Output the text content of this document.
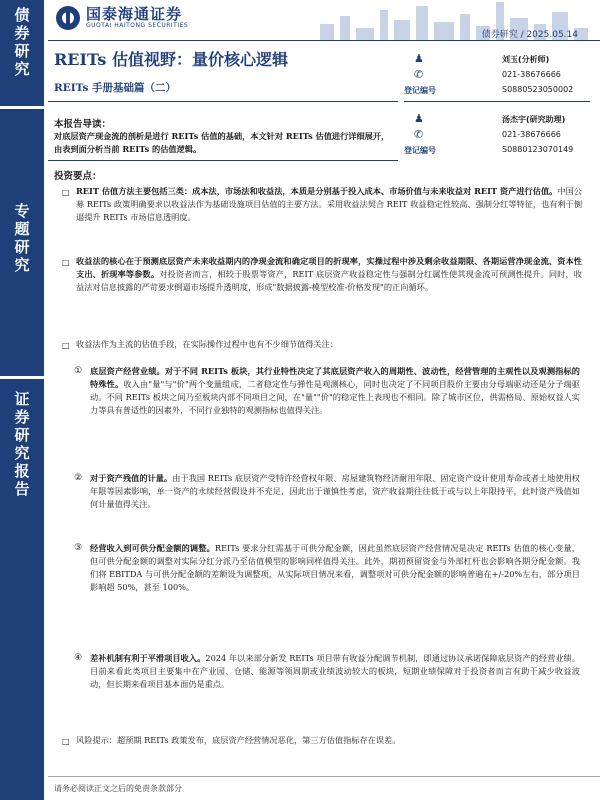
债
券
研
究
专
题
研
究
证
券
研
究
报
告
国泰海通证券
GUOTAI HAITONG SECURITIES
债券研究 / 2025.05.14
REITs 估值视野：量价核心逻辑
REITs 手册基础篇（二）
♟	刘玉(分析师)
✆	021-38676666
登记编号	S0880523050002
♟	汤杰宇(研究助理)
✆	021-38676666
登记编号	S0880123070149
本报告导读：
对底层资产现金流的剖析是进行 REITs 估值的基础，本文针对 REITs 估值进行详细展开，由表到面分析当前 REITs 的估值逻辑。
投资要点：
□ REIT 估值方法主要包括三类：成本法，市场法和收益法，本质是分别基于投入成本、市场价值与未来收益对 REIT 资产进行估值。中国公募 REITs 政策明确要求以收益法作为基础设施项目估值的主要方法。采用收益法契合 REIT 收益稳定性较高、强制分红等特征，也有利于倒逼提升 REITs 市场信息透明度。
□ 收益法的核心在于预测底层资产未来收益期内的净现金流和确定项目的折现率，实操过程中涉及剩余收益期限、各期运营净现金流、资本性支出、折现率等参数。对投资者而言，相较于股票等资产，REIT 底层资产收益稳定性与强制分红属性使其现金流可预测性提升。同时，收益法对信息披露的严苛要求倒逼市场提升透明度，形成"数据披露-模型校准-价格发现"的正向循环。
□ 收益法作为主流的估值手段，在实际操作过程中也有不少细节值得关注：
① 底层资产经营业绩。对于不同 REITs 板块，其行业特性决定了其底层资产收入的周期性、波动性，经营管理的主观性以及观测指标的特殊性。收入由"量"与"价"两个变量组成，二者稳定性与弹性是观测核心，同时也决定了不同项目股价主要由分母端驱动还是分子端驱动。不同 REITs 板块之间乃至板块内部不同项目之间，在"量""价"的稳定性上表现也不相同。除了城市区位，供需格局、原始权益人实力等具有普适性的因素外，不同行业独特的观测指标也值得关注。
② 对于资产残值的计量。由于我国 REITs 底层资产受特许经营权年限、房屋建筑物经济耐用年限、固定资产设计使用寿命或者土地使用权年限等因素影响，单一资产的永续经营假设并不充足，因此出于谨慎性考虑，资产收益期往往低于或与以上年限持平，此时资产残值如何计量值得关注。
③ 经营收入到可供分配金额的调整。REITs 要求分红需基于可供分配金额，因此虽然底层资产经营情况是决定 REITs 估值的核心变量，但可供分配金额的调整对实际分红分派乃至估值模型的影响同样值得关注。此外，期初预留资金与外部杠杆也会影响各期分配金额。我们将 EBITDA 与可供分配金额的差额设为调整项，从实际项目情况来看，调整项对可供分配金额的影响普遍在+/-20%左右，部分项目影响超 50%，甚至 100%。
④ 差补机制有利于平滑项目收入。2024 年以来部分新发 REITs 项目带有收益分配调节机制，即通过协议承诺保障底层资产的经营业绩。目前来看此类项目主要集中在产业园、仓储、能源等领周期或业绩波动较大的板块，短期业绩保障对于投资者而言有助于减少收益波动，但长期来看项目基本面仍是重点。
□ 风险提示：超预期 REITs 政策发布，底层资产经营情况恶化，第三方估值指标存在误差。
请务必阅读正文之后的免责条款部分
